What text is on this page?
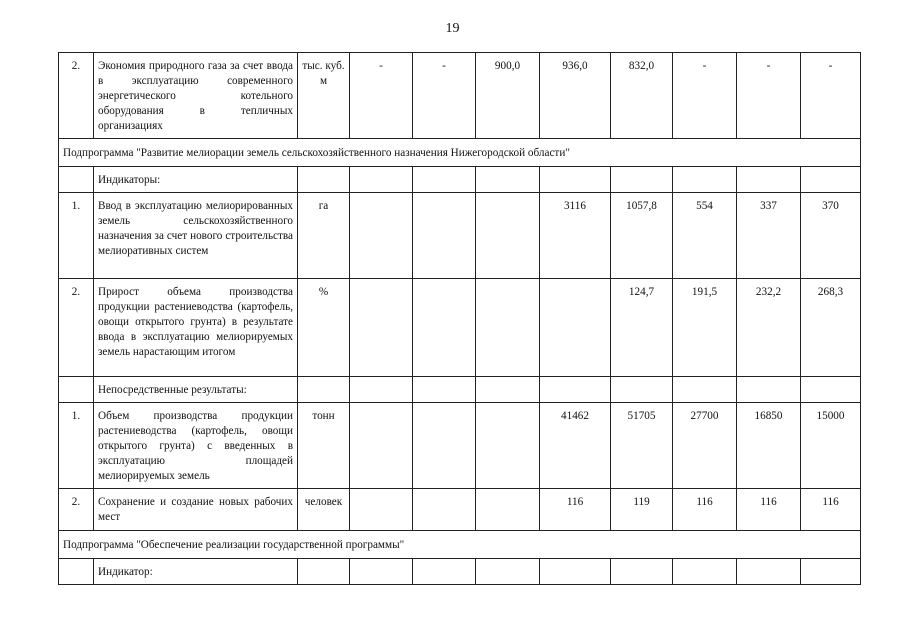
19
2.	Экономия природного газа за счет ввода в эксплуатацию современного энергетического котельного оборудования в тепличных организациях	тыс. куб. м	-	-	900,0	936,0	832,0	-	-	-
Подпрограмма "Развитие мелиорации земель сельскохозяйственного назначения Нижегородской области"										
	Индикаторы:									
1.	Ввод в эксплуатацию мелиорированных земель сельскохозяйственного назначения за счет нового строительства мелиоративных систем	га				3116	1057,8	554	337	370
2.	Прирост объема производства продукции растениеводства (картофель, овощи открытого грунта) в результате ввода в эксплуатацию мелиорируемых земель нарастающим итогом	%					124,7	191,5	232,2	268,3
	Непосредственные результаты:									
1.	Объем производства продукции растениеводства (картофель, овощи открытого грунта) с введенных в эксплуатацию площадей мелиорируемых земель	тонн				41462	51705	27700	16850	15000
2.	Сохранение и создание новых рабочих мест	человек				116	119	116	116	116
Подпрограмма "Обеспечение реализации государственной программы"										
	Индикатор:									
